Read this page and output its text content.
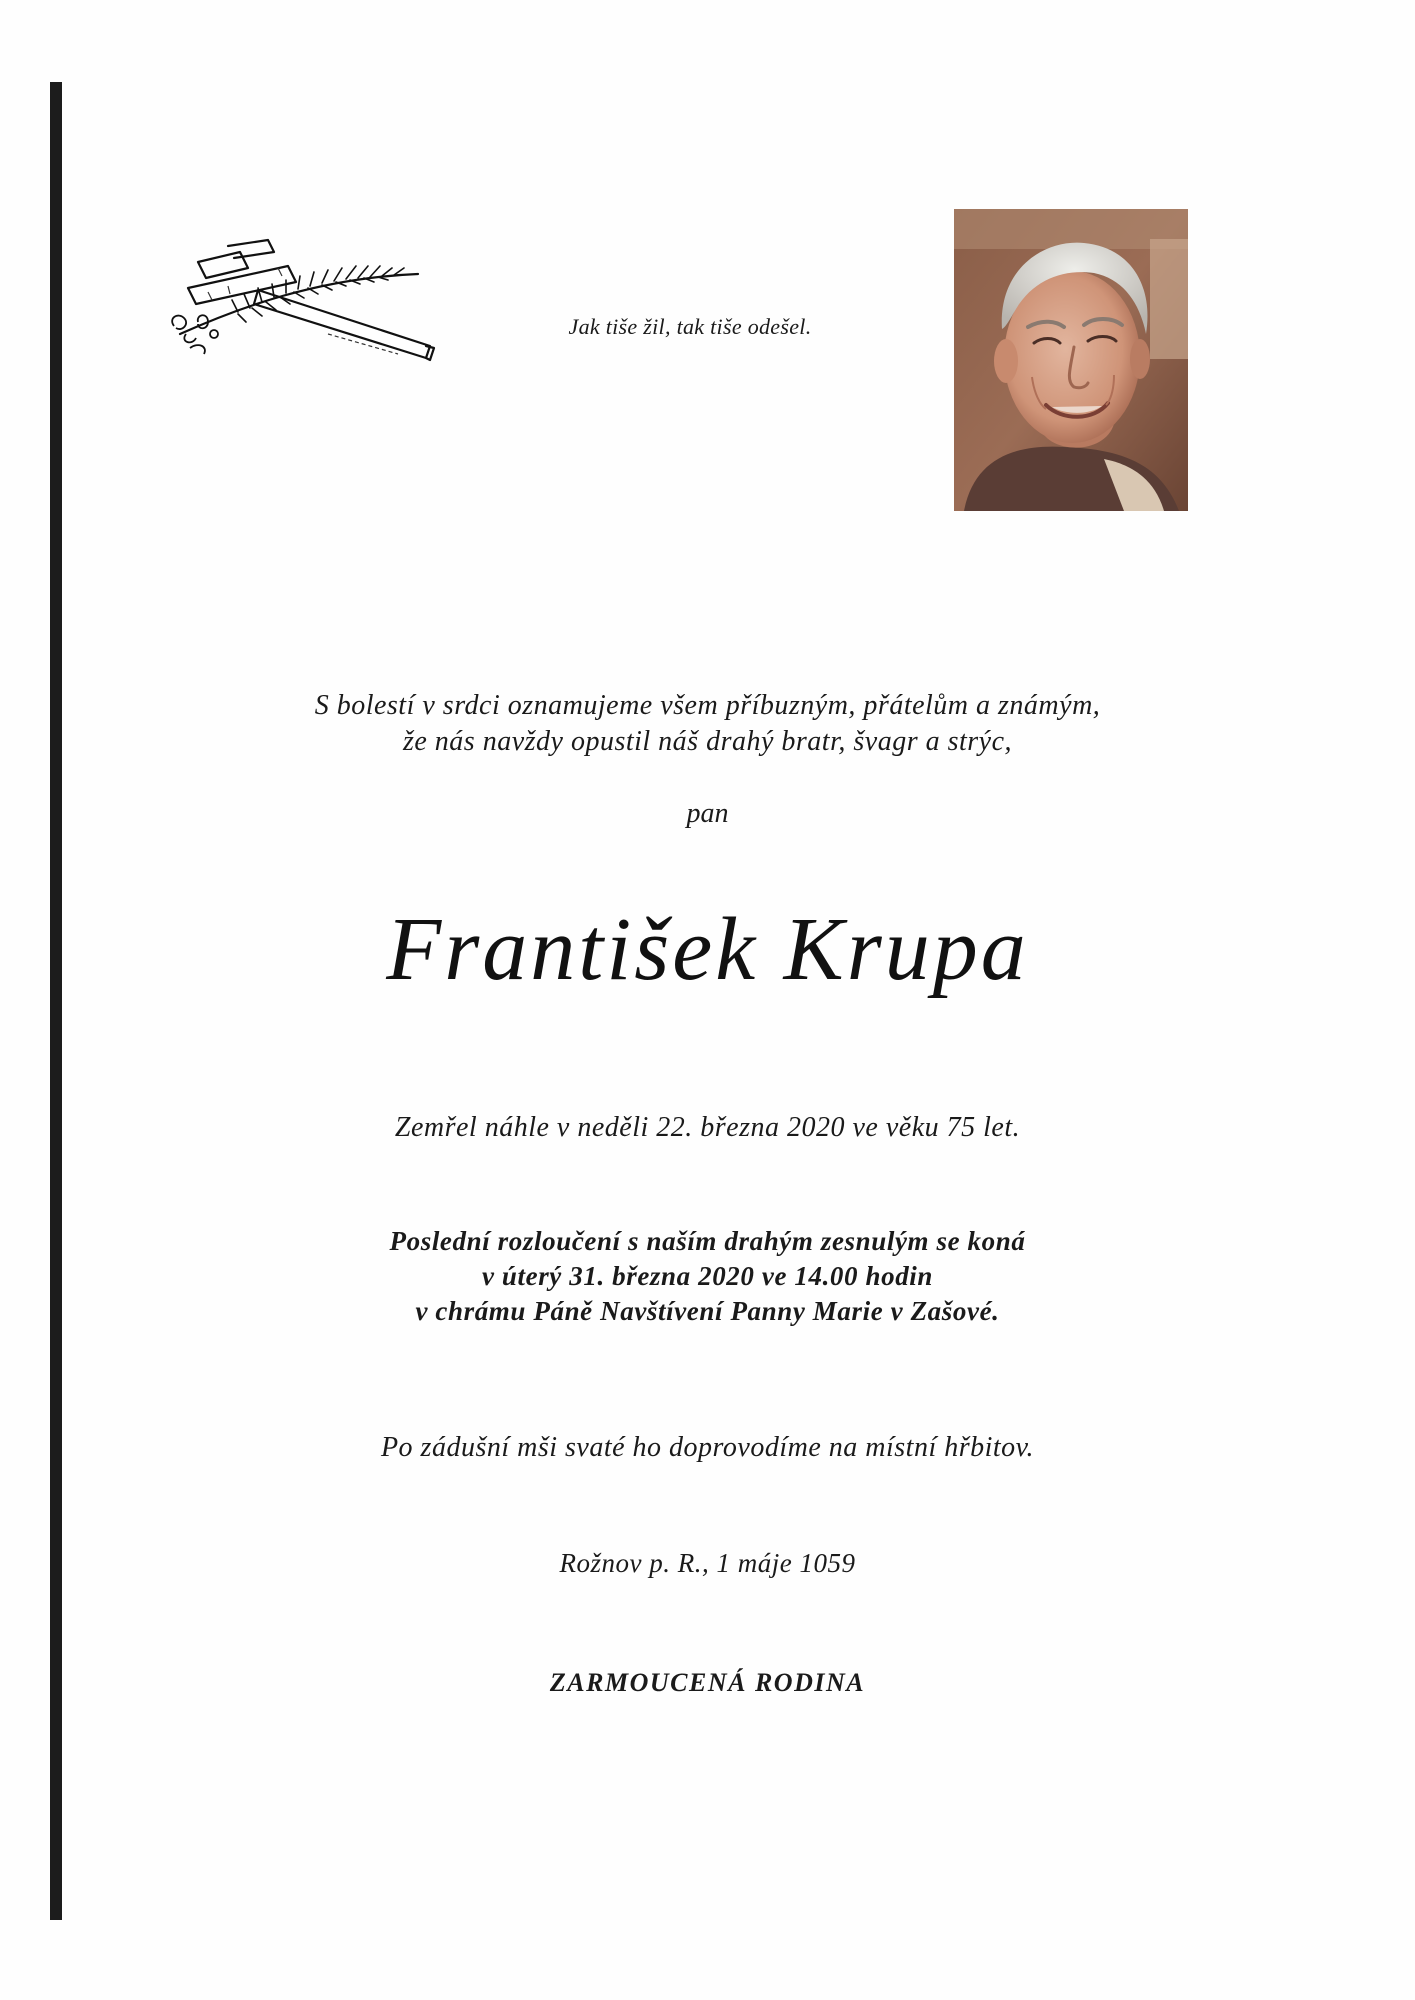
Jak tiše žil, tak tiše odešel.
S bolestí v srdci oznamujeme všem příbuzným, přátelům a známým,
že nás navždy opustil náš drahý bratr, švagr a strýc,
pan
František Krupa
Zemřel náhle v neděli 22. března 2020 ve věku 75 let.
Poslední rozloučení s naším drahým zesnulým se koná
v úterý 31. března 2020 ve 14.00 hodin
v chrámu Páně Navštívení Panny Marie v Zašové.
Po zádušní mši svaté ho doprovodíme na místní hřbitov.
Rožnov p. R., 1 máje 1059
ZARMOUCENÁ RODINA
